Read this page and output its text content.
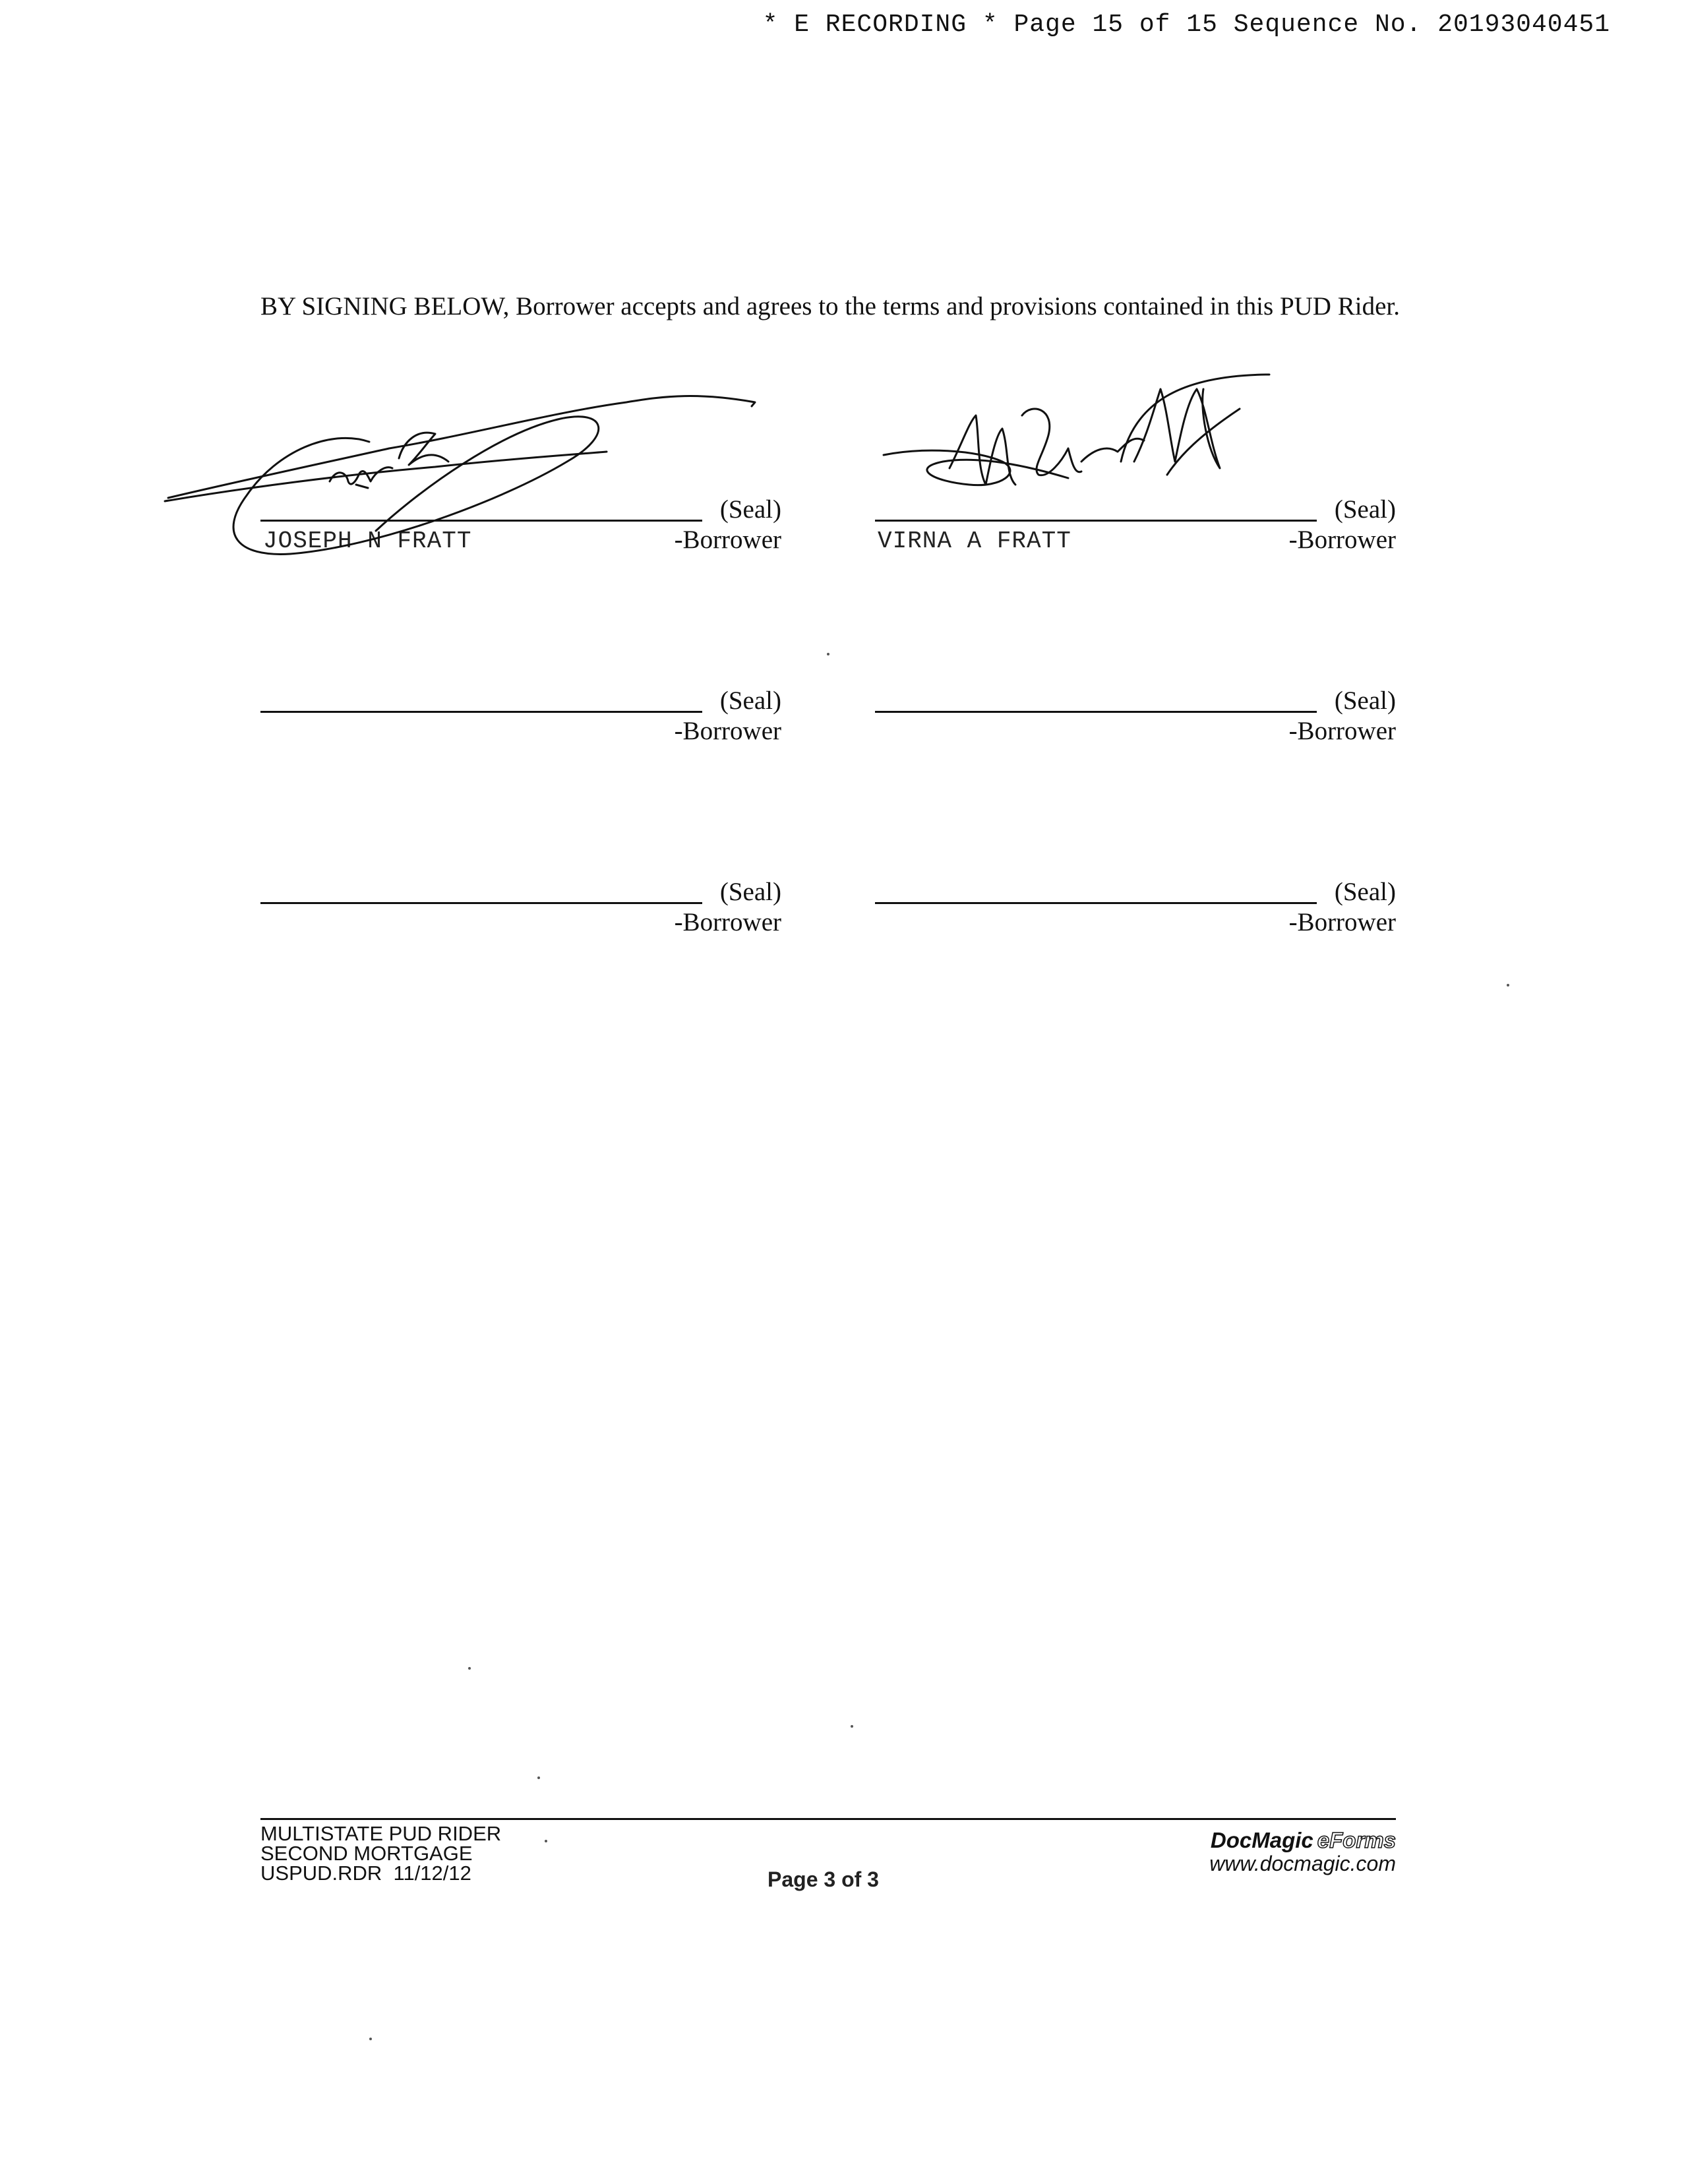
* E RECORDING * Page 15 of 15 Sequence No. 20193040451

BY SIGNING BELOW, Borrower accepts and agrees to the terms and provisions contained in this PUD Rider.

(Seal)
-Borrower
JOSEPH N FRATT
(Seal)
-Borrower
VIRNA A FRATT
(Seal)
-Borrower
(Seal)
-Borrower
(Seal)
-Borrower
(Seal)
-Borrower
MULTISTATE PUD RIDER
SECOND MORTGAGE
USPUD.RDR  11/12/12	Page 3 of 3
DocMagic eForms
www.docmagic.com
